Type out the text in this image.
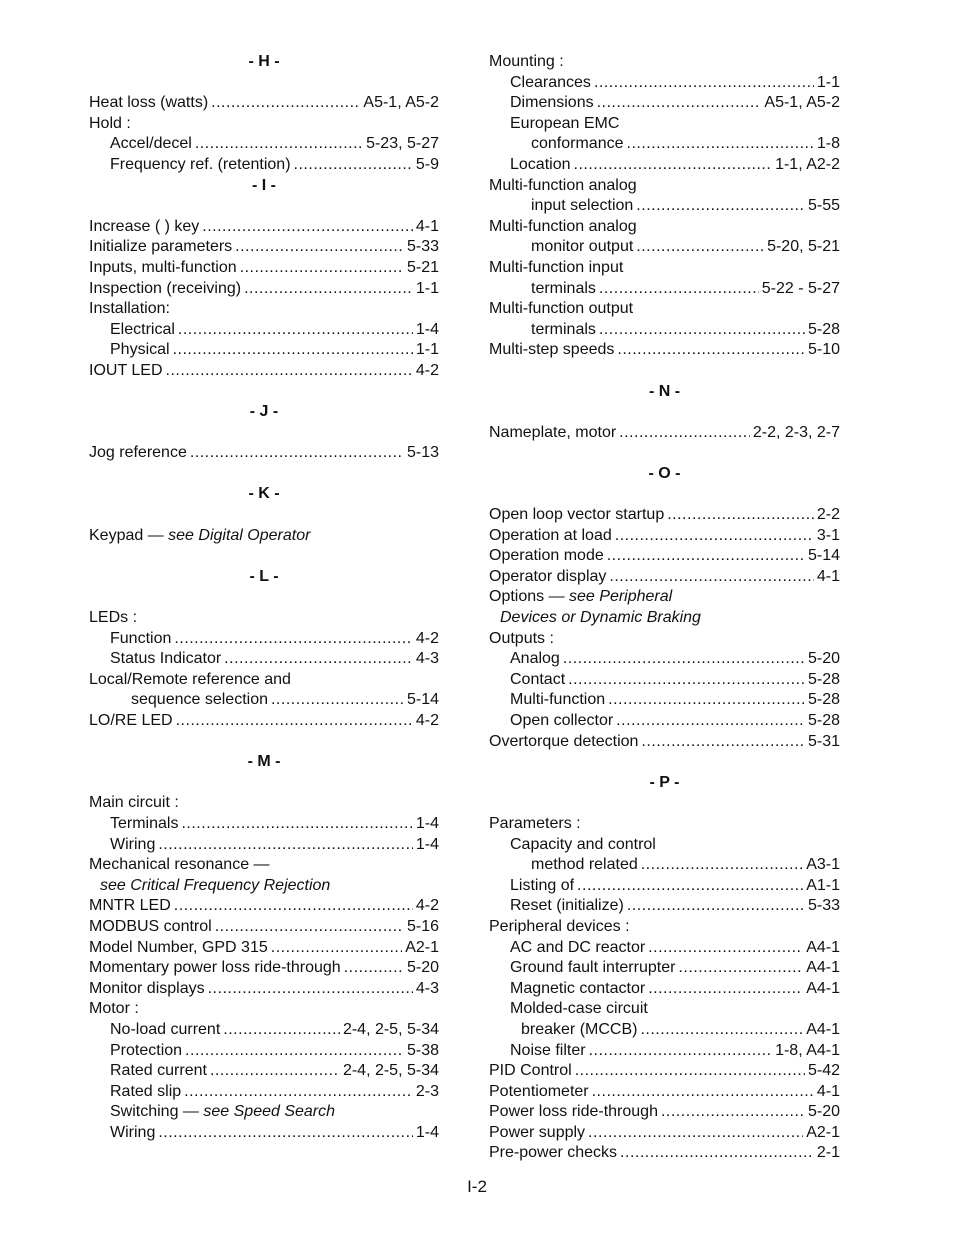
- H -
Heat loss (watts) .....	A5-1, A5-2
Hold :
Accel/decel .....	5-23, 5-27
Frequency ref. (retention) .....	5-9
- I -
Increase ( ) key .....	4-1
Initialize parameters .....	5-33
Inputs, multi-function .....	5-21
Inspection (receiving) .....	1-1
Installation:
Electrical .....	1-4
Physical .....	1-1
IOUT LED .....	4-2
- J -
Jog reference .....	5-13
- K -
Keypad — see Digital Operator
- L -
LEDs :
Function .....	4-2
Status Indicator .....	4-3
Local/Remote reference and
sequence selection .....	5-14
LO/RE LED .....	4-2
- M -
Main circuit :
Terminals .....	1-4
Wiring .....	1-4
Mechanical resonance —
see Critical Frequency Rejection
MNTR LED .....	4-2
MODBUS control .....	5-16
Model Number, GPD 315 .....	A2-1
Momentary power loss ride-through .....	5-20
Monitor displays .....	4-3
Motor :
No-load current .....	2-4, 2-5, 5-34
Protection .....	5-38
Rated current .....	2-4, 2-5, 5-34
Rated slip .....	2-3
Switching — see Speed Search
Wiring .....	1-4
Mounting :
Clearances .....	1-1
Dimensions .....	A5-1, A5-2
European EMC
conformance .....	1-8
Location .....	1-1, A2-2
Multi-function analog
input selection .....	5-55
Multi-function analog
monitor output .....	5-20, 5-21
Multi-function input
terminals .....	5-22 - 5-27
Multi-function output
terminals .....	5-28
Multi-step speeds .....	5-10
- N -
Nameplate, motor .....	2-2, 2-3, 2-7
- O -
Open loop vector startup .....	2-2
Operation at load .....	3-1
Operation mode .....	5-14
Operator display .....	4-1
Options — see Peripheral
Devices or Dynamic Braking
Outputs :
Analog .....	5-20
Contact .....	5-28
Multi-function .....	5-28
Open collector .....	5-28
Overtorque detection .....	5-31
- P -
Parameters :
Capacity and control
method related .....	A3-1
Listing of .....	A1-1
Reset (initialize) .....	5-33
Peripheral devices :
AC and DC reactor .....	A4-1
Ground fault interrupter .....	A4-1
Magnetic contactor .....	A4-1
Molded-case circuit
breaker (MCCB) .....	A4-1
Noise filter .....	1-8, A4-1
PID Control .....	5-42
Potentiometer .....	4-1
Power loss ride-through .....	5-20
Power supply .....	A2-1
Pre-power checks .....	2-1
I-2
